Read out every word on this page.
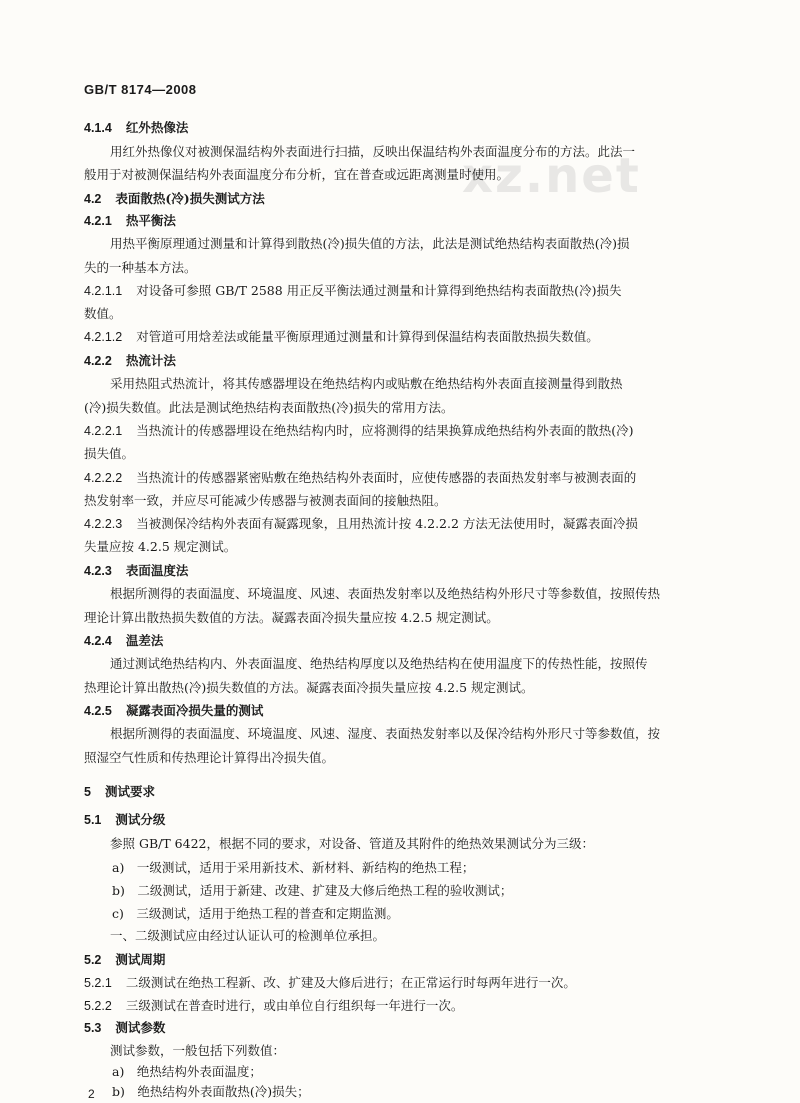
GB/T 8174—2008
xz.net
4.1.4 红外热像法
用红外热像仪对被测保温结构外表面进行扫描，反映出保温结构外表面温度分布的方法。此法一
般用于对被测保温结构外表面温度分布分析，宜在普查或远距离测量时使用。
4.2 表面散热(冷)损失测试方法
4.2.1 热平衡法
用热平衡原理通过测量和计算得到散热(冷)损失值的方法，此法是测试绝热结构表面散热(冷)损
失的一种基本方法。
4.2.1.1 对设备可参照 GB/T 2588 用正反平衡法通过测量和计算得到绝热结构表面散热(冷)损失
数值。
4.2.1.2 对管道可用焓差法或能量平衡原理通过测量和计算得到保温结构表面散热损失数值。
4.2.2 热流计法
采用热阻式热流计，将其传感器埋设在绝热结构内或贴敷在绝热结构外表面直接测量得到散热
(冷)损失数值。此法是测试绝热结构表面散热(冷)损失的常用方法。
4.2.2.1 当热流计的传感器埋设在绝热结构内时，应将测得的结果换算成绝热结构外表面的散热(冷)
损失值。
4.2.2.2 当热流计的传感器紧密贴敷在绝热结构外表面时，应使传感器的表面热发射率与被测表面的
热发射率一致，并应尽可能减少传感器与被测表面间的接触热阻。
4.2.2.3 当被测保冷结构外表面有凝露现象，且用热流计按 4.2.2.2 方法无法使用时，凝露表面冷损
失量应按 4.2.5 规定测试。
4.2.3 表面温度法
根据所测得的表面温度、环境温度、风速、表面热发射率以及绝热结构外形尺寸等参数值，按照传热
理论计算出散热损失数值的方法。凝露表面冷损失量应按 4.2.5 规定测试。
4.2.4 温差法
通过测试绝热结构内、外表面温度、绝热结构厚度以及绝热结构在使用温度下的传热性能，按照传
热理论计算出散热(冷)损失数值的方法。凝露表面冷损失量应按 4.2.5 规定测试。
4.2.5 凝露表面冷损失量的测试
根据所测得的表面温度、环境温度、风速、湿度、表面热发射率以及保冷结构外形尺寸等参数值，按
照湿空气性质和传热理论计算得出冷损失值。
5 测试要求
5.1 测试分级
参照 GB/T 6422，根据不同的要求，对设备、管道及其附件的绝热效果测试分为三级：
a)　一级测试，适用于采用新技术、新材料、新结构的绝热工程；
b)　二级测试，适用于新建、改建、扩建及大修后绝热工程的验收测试；
c)　三级测试，适用于绝热工程的普查和定期监测。
一、二级测试应由经过认证认可的检测单位承担。
5.2 测试周期
5.2.1 二级测试在绝热工程新、改、扩建及大修后进行；在正常运行时每两年进行一次。
5.2.2 三级测试在普查时进行，或由单位自行组织每一年进行一次。
5.3 测试参数
测试参数，一般包括下列数值：
a)　绝热结构外表面温度；
b)　绝热结构外表面散热(冷)损失；
2
